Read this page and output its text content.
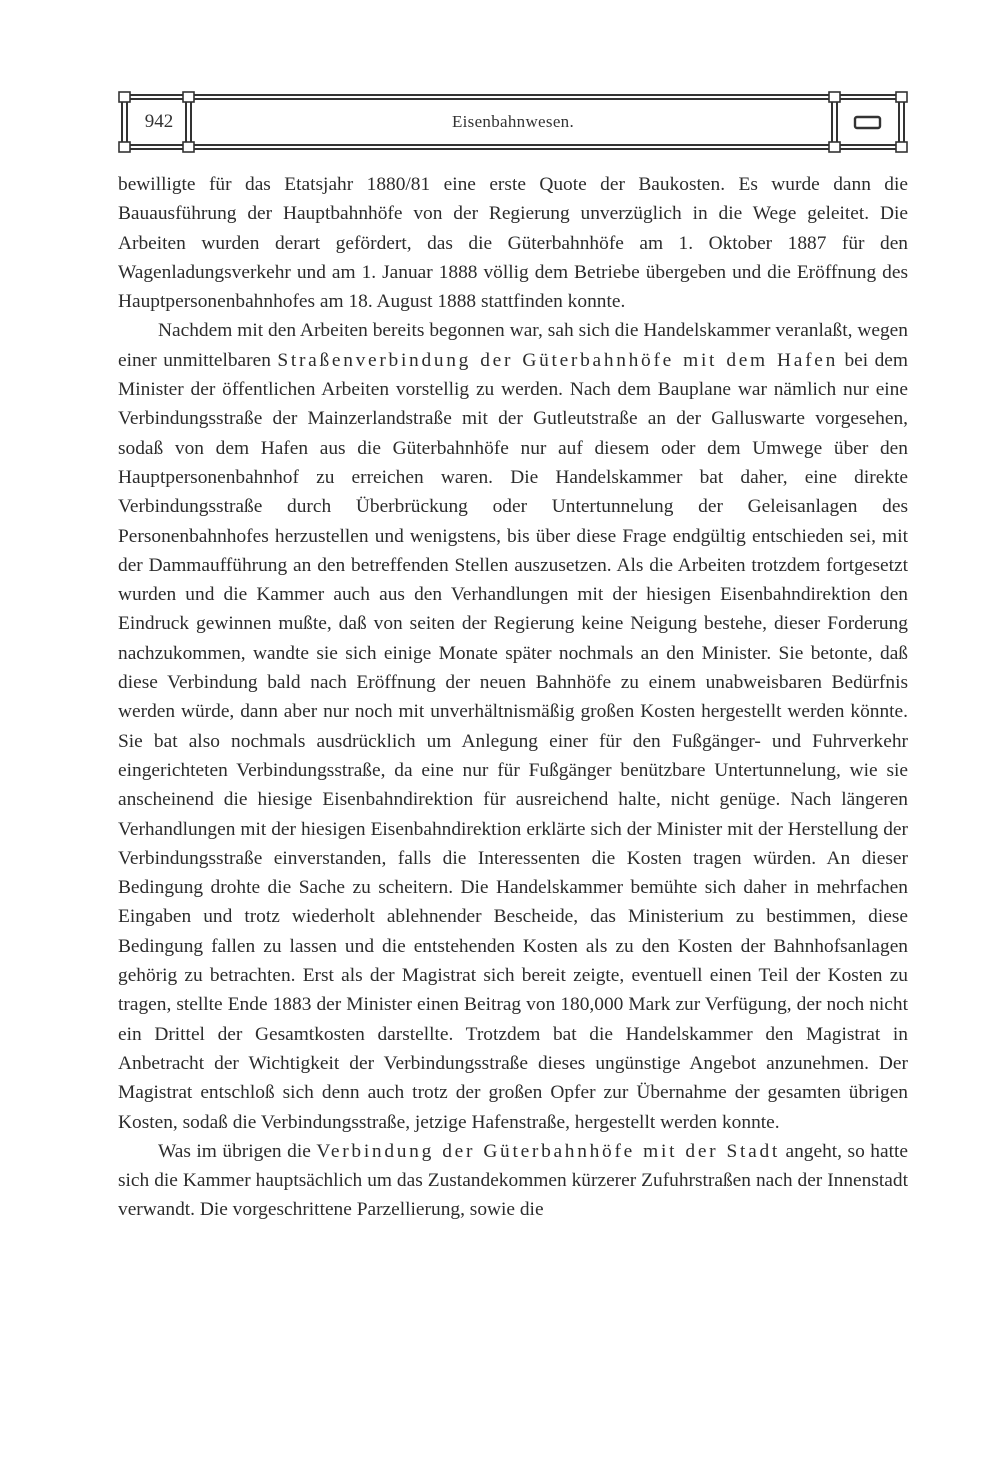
942	Eisenbahnwesen.

bewilligte für das Etatsjahr 1880/81 eine erste Quote der Baukosten. Es wurde dann die Bauausführung der Hauptbahnhöfe von der Regierung unverzüglich in die Wege geleitet. Die Arbeiten wurden derart gefördert, das die Güterbahnhöfe am 1. Oktober 1887 für den Wagenladungsverkehr und am 1. Januar 1888 völlig dem Betriebe übergeben und die Eröffnung des Hauptpersonenbahnhofes am 18. August 1888 stattfinden konnte.

Nachdem mit den Arbeiten bereits begonnen war, sah sich die Handelskammer veranlaßt, wegen einer unmittelbaren Straßenverbindung der Güterbahnhöfe mit dem Hafen bei dem Minister der öffentlichen Arbeiten vorstellig zu werden. Nach dem Bauplane war nämlich nur eine Verbindungsstraße der Mainzerlandstraße mit der Gutleutstraße an der Galluswarte vorgesehen, sodaß von dem Hafen aus die Güterbahnhöfe nur auf diesem oder dem Umwege über den Hauptpersonenbahnhof zu erreichen waren. Die Handelskammer bat daher, eine direkte Verbindungsstraße durch Überbrückung oder Untertunnelung der Geleisanlagen des Personenbahnhofes herzustellen und wenigstens, bis über diese Frage endgültig entschieden sei, mit der Dammaufführung an den betreffenden Stellen auszusetzen. Als die Arbeiten trotzdem fortgesetzt wurden und die Kammer auch aus den Verhandlungen mit der hiesigen Eisenbahndirektion den Eindruck gewinnen mußte, daß von seiten der Regierung keine Neigung bestehe, dieser Forderung nachzukommen, wandte sie sich einige Monate später nochmals an den Minister. Sie betonte, daß diese Verbindung bald nach Eröffnung der neuen Bahnhöfe zu einem unabweisbaren Bedürfnis werden würde, dann aber nur noch mit unverhältnismäßig großen Kosten hergestellt werden könnte. Sie bat also nochmals ausdrücklich um Anlegung einer für den Fußgänger- und Fuhrverkehr eingerichteten Verbindungsstraße, da eine nur für Fußgänger benützbare Untertunnelung, wie sie anscheinend die hiesige Eisenbahndirektion für ausreichend halte, nicht genüge. Nach längeren Verhandlungen mit der hiesigen Eisenbahndirektion erklärte sich der Minister mit der Herstellung der Verbindungsstraße einverstanden, falls die Interessenten die Kosten tragen würden. An dieser Bedingung drohte die Sache zu scheitern. Die Handelskammer bemühte sich daher in mehrfachen Eingaben und trotz wiederholt ablehnender Bescheide, das Ministerium zu bestimmen, diese Bedingung fallen zu lassen und die entstehenden Kosten als zu den Kosten der Bahnhofsanlagen gehörig zu betrachten. Erst als der Magistrat sich bereit zeigte, eventuell einen Teil der Kosten zu tragen, stellte Ende 1883 der Minister einen Beitrag von 180,000 Mark zur Verfügung, der noch nicht ein Drittel der Gesamtkosten darstellte. Trotzdem bat die Handelskammer den Magistrat in Anbetracht der Wichtigkeit der Verbindungsstraße dieses ungünstige Angebot anzunehmen. Der Magistrat entschloß sich denn auch trotz der großen Opfer zur Übernahme der gesamten übrigen Kosten, sodaß die Verbindungsstraße, jetzige Hafenstraße, hergestellt werden konnte.

Was im übrigen die Verbindung der Güterbahnhöfe mit der Stadt angeht, so hatte sich die Kammer hauptsächlich um das Zustandekommen kürzerer Zufuhrstraßen nach der Innenstadt verwandt. Die vorgeschrittene Parzellierung, sowie die
